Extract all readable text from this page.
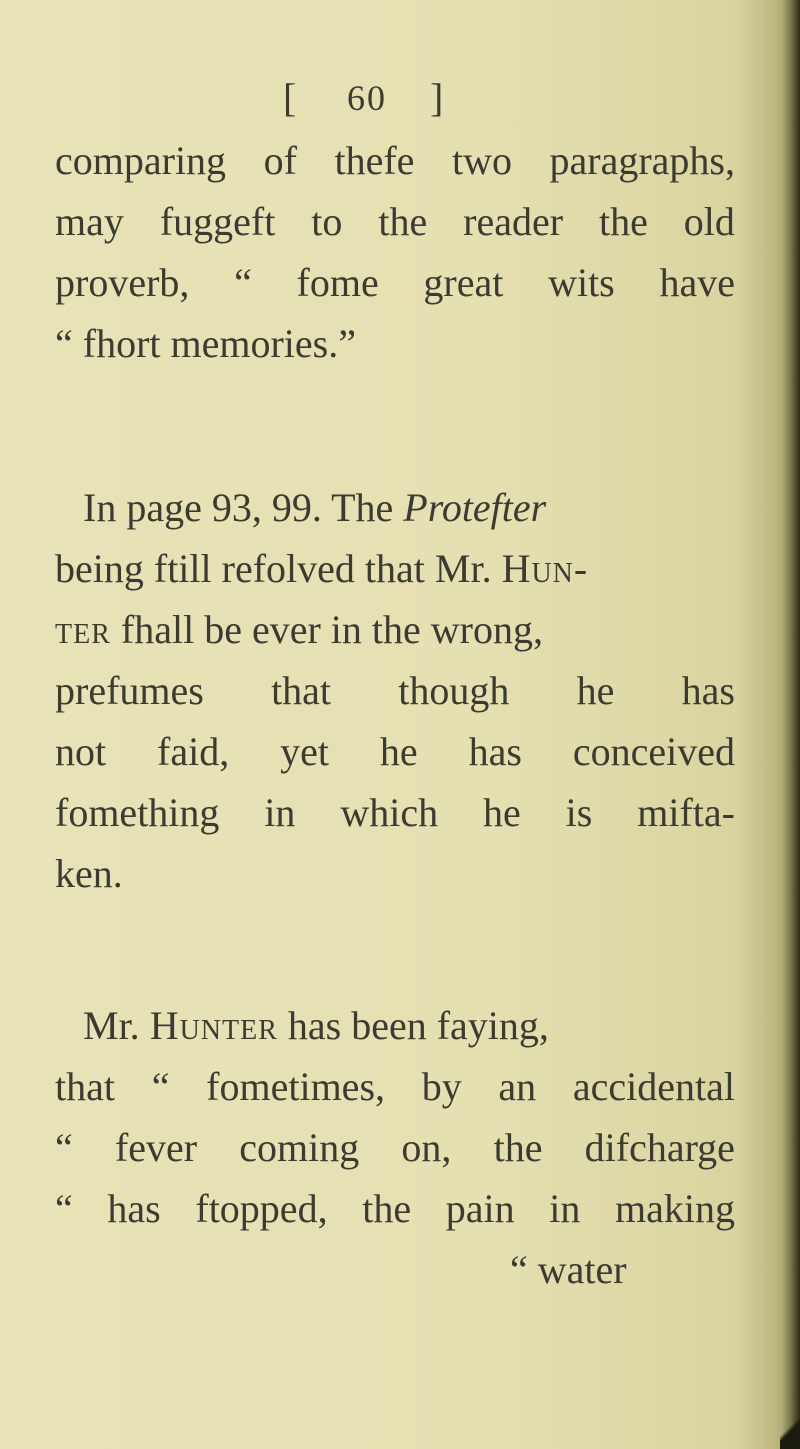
[ 60 ]
comparing of thefe two paragraphs,
may fuggeft to the reader the old
proverb, “ fome great wits have
“ fhort memories.”
In page 93, 99. The Protefter
being ftill refolved that Mr. Hun-
ter fhall be ever in the wrong,
prefumes that though he has
not faid, yet he has conceived
fomething in which he is mifta-
ken.
Mr. Hunter has been faying,
that “ fometimes, by an accidental
“ fever coming on, the difcharge
“ has ftopped, the pain in making
“ water
